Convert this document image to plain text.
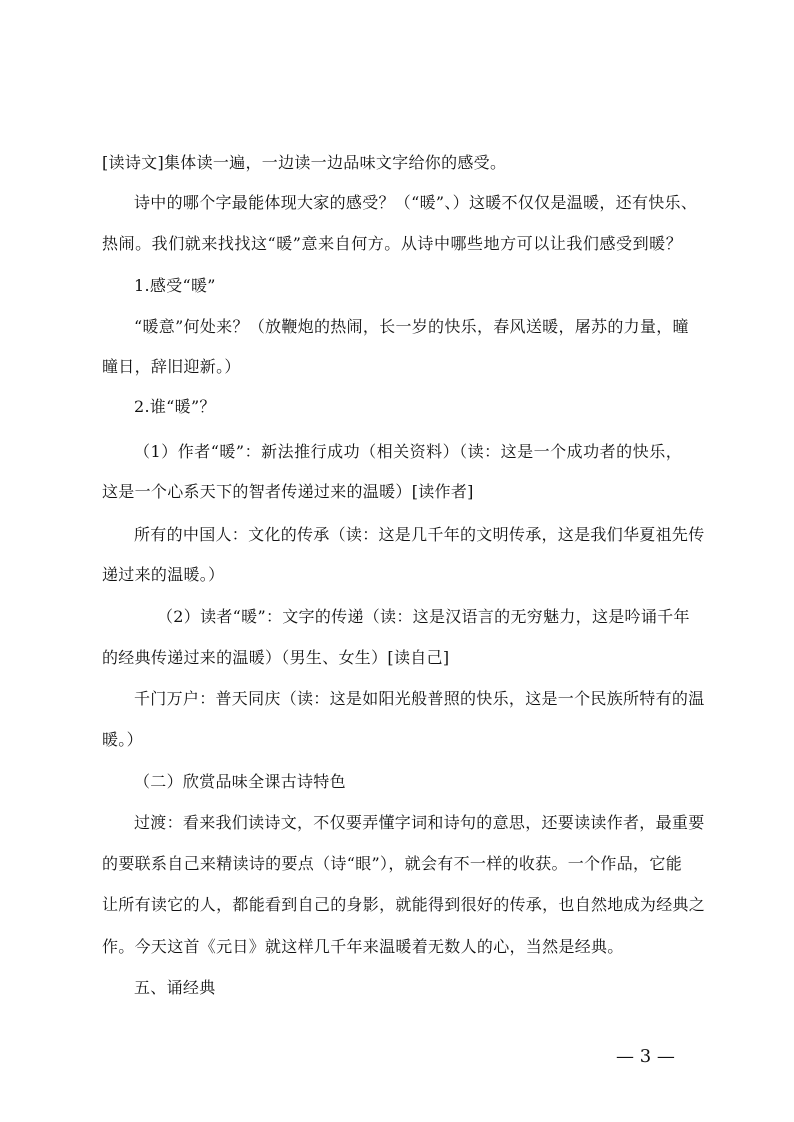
[读诗文]集体读一遍，一边读一边品味文字给你的感受。
诗中的哪个字最能体现大家的感受？（“暖”、）这暖不仅仅是温暖，还有快乐、
热闹。我们就来找找这“暖”意来自何方。从诗中哪些地方可以让我们感受到暖？
1.感受“暖”
“暖意”何处来？（放鞭炮的热闹，长一岁的快乐，春风送暖，屠苏的力量，曈
曈日，辞旧迎新。）
2.谁“暖”？
（1）作者“暖”：新法推行成功（相关资料）（读：这是一个成功者的快乐，
这是一个心系天下的智者传递过来的温暖）[读作者]
所有的中国人：文化的传承（读：这是几千年的文明传承，这是我们华夏祖先传
递过来的温暖。）
（2）读者“暖”：文字的传递（读：这是汉语言的无穷魅力，这是吟诵千年
的经典传递过来的温暖）（男生、女生）[读自己]
千门万户：普天同庆（读：这是如阳光般普照的快乐，这是一个民族所特有的温
暖。）
（二）欣赏品味全课古诗特色
过渡：看来我们读诗文，不仅要弄懂字词和诗句的意思，还要读读作者，最重要
的要联系自己来精读诗的要点（诗“眼”），就会有不一样的收获。一个作品，它能
让所有读它的人，都能看到自己的身影，就能得到很好的传承，也自然地成为经典之
作。今天这首《元日》就这样几千年来温暖着无数人的心，当然是经典。
五、诵经典
— 3 —
